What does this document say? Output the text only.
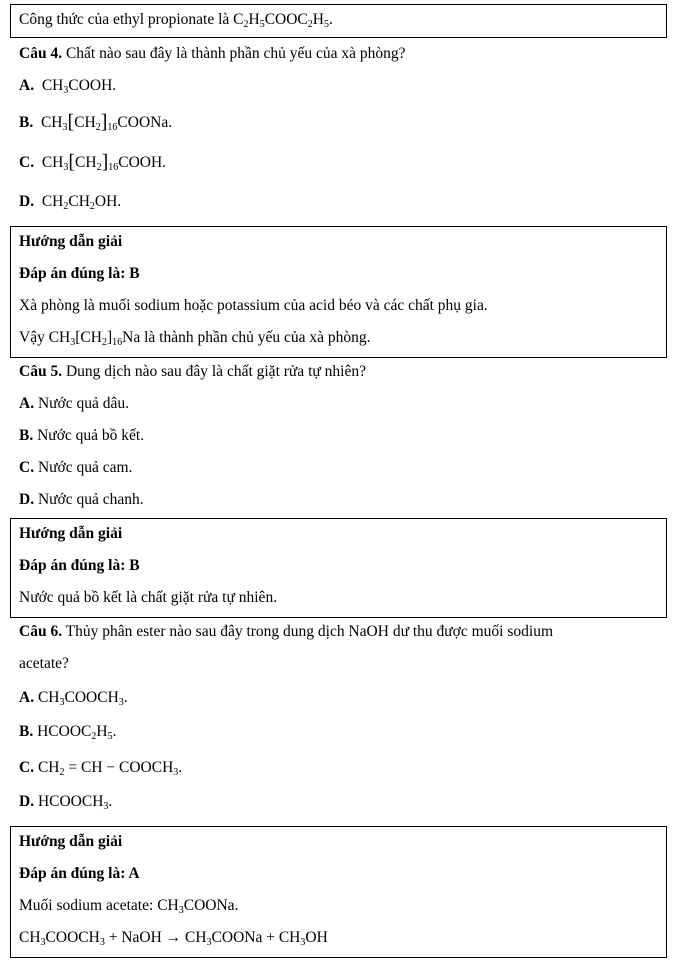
Công thức của ethyl propionate là $C_2H_5COOC_2H_5$.
Câu 4. Chất nào sau đây là thành phần chủ yếu của xà phòng?
A. $CH_3COOH$.
B. $CH_3[CH_2]_{16}COONa$.
C. $CH_3[CH_2]_{16}COOH$.
D. $CH_2CH_2OH$.
Hướng dẫn giải
Đáp án đúng là: B
Xà phòng là muối sodium hoặc potassium của acid béo và các chất phụ gia.
Vậy $CH_3[CH_2]_{16}Na$ là thành phần chủ yếu của xà phòng.
Câu 5. Dung dịch nào sau đây là chất giặt rửa tự nhiên?
A. Nước quả dâu.
B. Nước quả bồ kết.
C. Nước quả cam.
D. Nước quả chanh.
Hướng dẫn giải
Đáp án đúng là: B
Nước quả bồ kết là chất giặt rửa tự nhiên.
Câu 6. Thủy phân ester nào sau đây trong dung dịch NaOH dư thu được muối sodium
acetate?
A. $CH_3COOCH_3$.
B. $HCOOC_2H_5$.
C. $CH_2$ = CH − $COOCH_3$.
D. $HCOOCH_3$.
Hướng dẫn giải
Đáp án đúng là: A
Muối sodium acetate: $CH_3COONa$.
$CH_3COOCH_3$ + NaOH → $CH_3COONa + CH_3OH$
